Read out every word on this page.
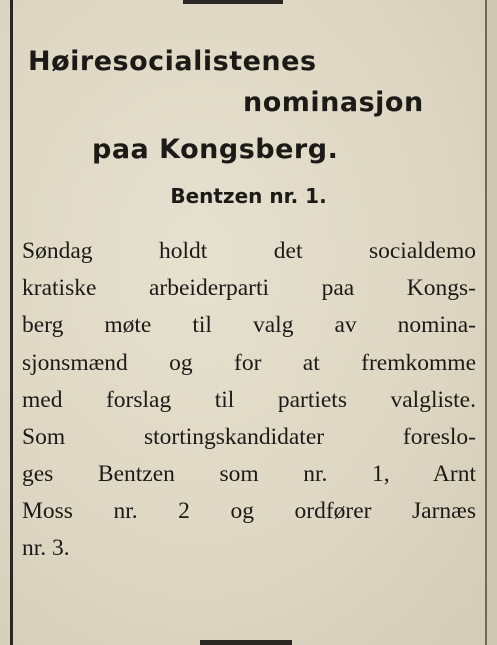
Høiresocialistenes
nominasjon
paa Kongsberg.
Bentzen nr. 1.

Søndag holdt det socialdemo

kratiske arbeiderparti paa Kongs-

berg møte til valg av nomina-

sjonsmænd og for at fremkomme

med forslag til partiets valgliste.

Som stortingskandidater foreslo-

ges Bentzen som nr. 1, Arnt

Moss nr. 2 og ordfører Jarnæs

nr. 3.
